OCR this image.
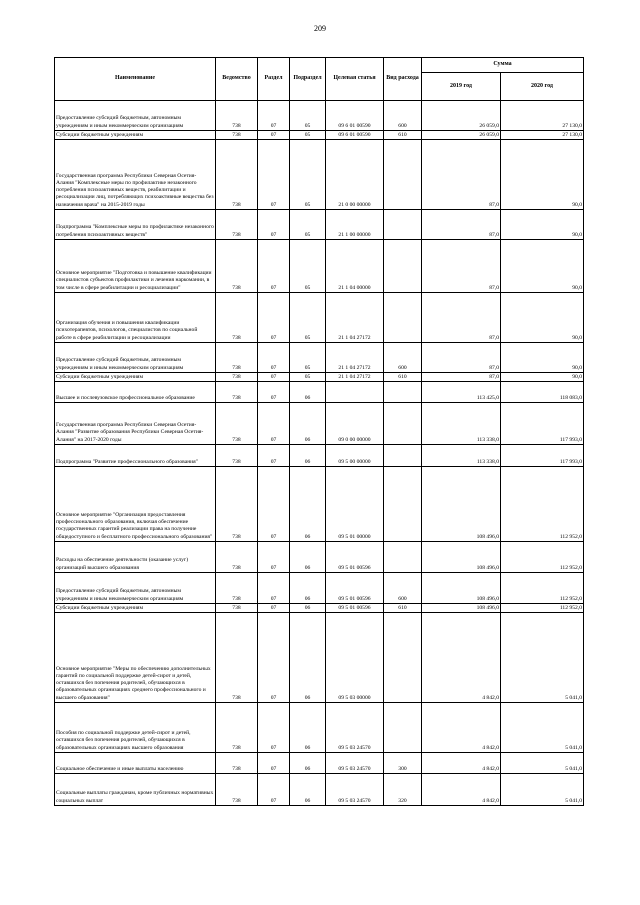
209
Наименование	Ведомство	Раздел	Подраздел	Целевая статья	Вид расхода	Сумма	
						2019 год	2020 год
Предоставление субсидий бюджетным, автономным учреждениям и иным некоммерческим организациям	738	07	05	09 6 01 00590	600	26 059,0	27 130,0
Субсидии бюджетным учреждениям	738	07	05	09 6 01 00590	610	26 059,0	27 130,0
Государственная программа Республики Северная Осетия-Алания "Комплексные меры по профилактике незаконного потребления психоактивных веществ, реабилитации и ресоциализации лиц, потребляющих психоактивные вещества без назначения врача" на 2015-2019 годы	738	07	05	21 0 00 00000		87,0	90,0
Подпрограмма "Комплексные меры по профилактике незаконного потребления психоактивных веществ"	738	07	05	21 1 00 00000		87,0	90,0
Основное мероприятие "Подготовка и повышение квалификации специалистов субъектов профилактики и лечения наркомании, в том числе в сфере реабилитации и ресоциализации"	738	07	05	21 1 04 00000		87,0	90,0
Организация обучения и повышения квалификации психотерапевтов, психологов, специалистов по социальной работе в сфере реабилитации и ресоциализации	738	07	05	21 1 04 27172		87,0	90,0
Предоставление субсидий бюджетным, автономным учреждениям и иным некоммерческим организациям	738	07	05	21 1 04 27172	600	87,0	90,0
Субсидии бюджетным учреждениям	738	07	05	21 1 04 27172	610	87,0	90,0
Высшее и послевузовское профессиональное образование	738	07	06			113 425,0	118 083,0
Государственная программа Республики Северная Осетия-Алания "Развитие образования Республики Северная Осетия-Алания" на 2017-2020 годы	738	07	06	09 0 00 00000		113 338,0	117 993,0
Подпрограмма "Развитие профессионального образования"	738	07	06	09 5 00 00000		113 338,0	117 993,0
Основное мероприятие "Организация предоставления профессионального образования, включая обеспечение государственных гарантий реализации права на получение общедоступного и бесплатного профессионального образования"	738	07	06	09 5 01 00000		108 496,0	112 952,0
Расходы на обеспечение деятельности (оказание услуг) организаций высшего образования	738	07	06	09 5 01 00596		108 496,0	112 952,0
Предоставление субсидий бюджетным, автономным учреждениям и иным некоммерческим организациям	738	07	06	09 5 01 00596	600	108 496,0	112 952,0
Субсидии бюджетным учреждениям	738	07	06	09 5 01 00596	610	108 496,0	112 952,0
Основное мероприятие "Меры по обеспечению дополнительных гарантий по социальной поддержке детей-сирот и детей, оставшихся без попечения родителей, обучающихся в образовательных организациях среднего профессионального и высшего образования"	738	07	06	09 5 03 00000		4 842,0	5 041,0
Пособия по социальной поддержке детей-сирот и детей, оставшихся без попечения родителей, обучающихся в образовательных организациях высшего образования	738	07	06	09 5 03 24570		4 842,0	5 041,0
Социальное обеспечение и иные выплаты населению	738	07	06	09 5 03 24570	300	4 842,0	5 041,0
Социальные выплаты гражданам, кроме публичных нормативных социальных выплат	738	07	06	09 5 03 24570	320	4 842,0	5 041,0
